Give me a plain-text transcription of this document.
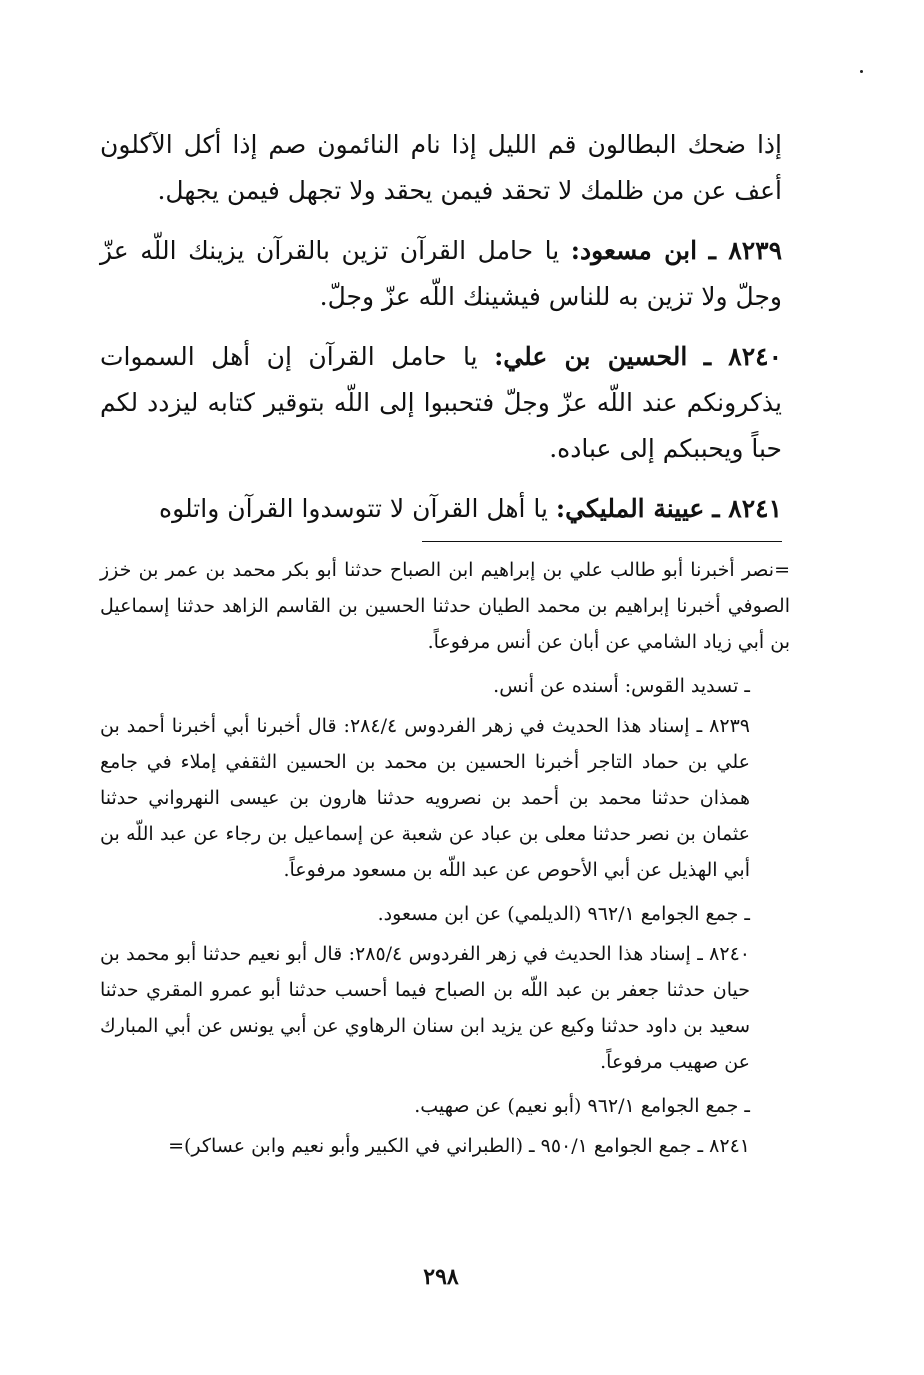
إذا ضحك البطالون قم الليل إذا نام النائمون صم إذا أكل الآكلون أعف عن من ظلمك لا تحقد فيمن يحقد ولا تجهل فيمن يجهل.

٨٢٣٩ ـ ابن مسعود: يا حامل القرآن تزين بالقرآن يزينك اللّه عزّ وجلّ ولا تزين به للناس فيشينك اللّه عزّ وجلّ.

٨٢٤٠ ـ الحسين بن علي: يا حامل القرآن إن أهل السموات يذكرونكم عند اللّه عزّ وجلّ فتحببوا إلى اللّه بتوقير كتابه ليزدد لكم حباً ويحببكم إلى عباده.

٨٢٤١ ـ عيينة المليكي: يا أهل القرآن لا تتوسدوا القرآن واتلوه

=نصر أخبرنا أبو طالب علي بن إبراهيم ابن الصباح حدثنا أبو بكر محمد بن عمر بن خزز الصوفي أخبرنا إبراهيم بن محمد الطيان حدثنا الحسين بن القاسم الزاهد حدثنا إسماعيل بن أبي زياد الشامي عن أبان عن أنس مرفوعاً.

ـ تسديد القوس: أسنده عن أنس.

٨٢٣٩ ـ إسناد هذا الحديث في زهر الفردوس ٢٨٤/٤: قال أخبرنا أبي أخبرنا أحمد بن علي بن حماد التاجر أخبرنا الحسين بن محمد بن الحسين الثقفي إملاء في جامع همذان حدثنا محمد بن أحمد بن نصرويه حدثنا هارون بن عيسى النهرواني حدثنا عثمان بن نصر حدثنا معلى بن عباد عن شعبة عن إسماعيل بن رجاء عن عبد اللّه بن أبي الهذيل عن أبي الأحوص عن عبد اللّه بن مسعود مرفوعاً.

ـ جمع الجوامع ٩٦٢/١ (الديلمي) عن ابن مسعود.

٨٢٤٠ ـ إسناد هذا الحديث في زهر الفردوس ٢٨٥/٤: قال أبو نعيم حدثنا أبو محمد بن حيان حدثنا جعفر بن عبد اللّه بن الصباح فيما أحسب حدثنا أبو عمرو المقري حدثنا سعيد بن داود حدثنا وكيع عن يزيد ابن سنان الرهاوي عن أبي يونس عن أبي المبارك عن صهيب مرفوعاً.

ـ جمع الجوامع ٩٦٢/١ (أبو نعيم) عن صهيب.

٨٢٤١ ـ جمع الجوامع ٩٥٠/١ ـ (الطبراني في الكبير وأبو نعيم وابن عساكر)=

٢٩٨
